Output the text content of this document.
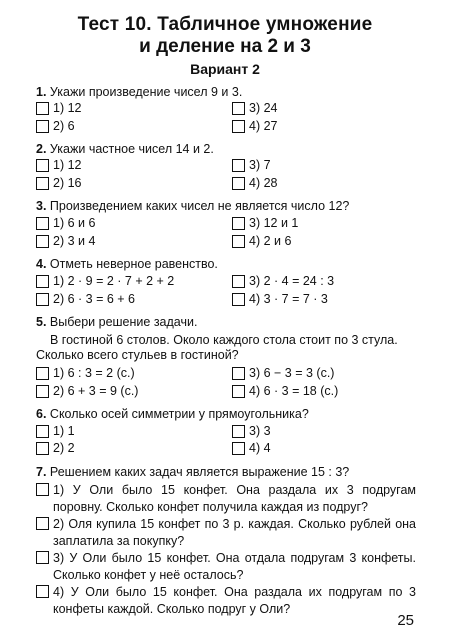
Тест 10. Табличное умножение
и деление на 2 и 3
Вариант 2
1. Укажи произведение чисел 9 и 3.
1) 12
2) 6
3) 24
4) 27
2. Укажи частное чисел 14 и 2.
1) 12
2) 16
3) 7
4) 28
3. Произведением каких чисел не является число 12?
1) 6 и 6
2) 3 и 4
3) 12 и 1
4) 2 и 6
4. Отметь неверное равенство.
1) 2 · 9 = 2 · 7 + 2 + 2
2) 6 · 3 = 6 + 6
3) 2 · 4 = 24 : 3
4) 3 · 7 = 7 · 3
5. Выбери решение задачи.
В гостиной 6 столов. Около каждого стола стоит по 3 стула.
Сколько всего стульев в гостиной?
1) 6 : 3 = 2 (с.)
2) 6 + 3 = 9 (с.)
3) 6 − 3 = 3 (с.)
4) 6 · 3 = 18 (с.)
6. Сколько осей симметрии у прямоугольника?
1) 1
2) 2
3) 3
4) 4
7. Решением каких задач является выражение 15 : 3?
1) У Оли было 15 конфет. Она раздала их 3 подругам поровну. Сколько конфет получила каждая из подруг?
2) Оля купила 15 конфет по 3 р. каждая. Сколько рублей она заплатила за покупку?
3) У Оли было 15 конфет. Она отдала подругам 3 конфеты. Сколько конфет у неё осталось?
4) У Оли было 15 конфет. Она раздала их подругам по 3 конфеты каждой. Сколько подруг у Оли?
25
